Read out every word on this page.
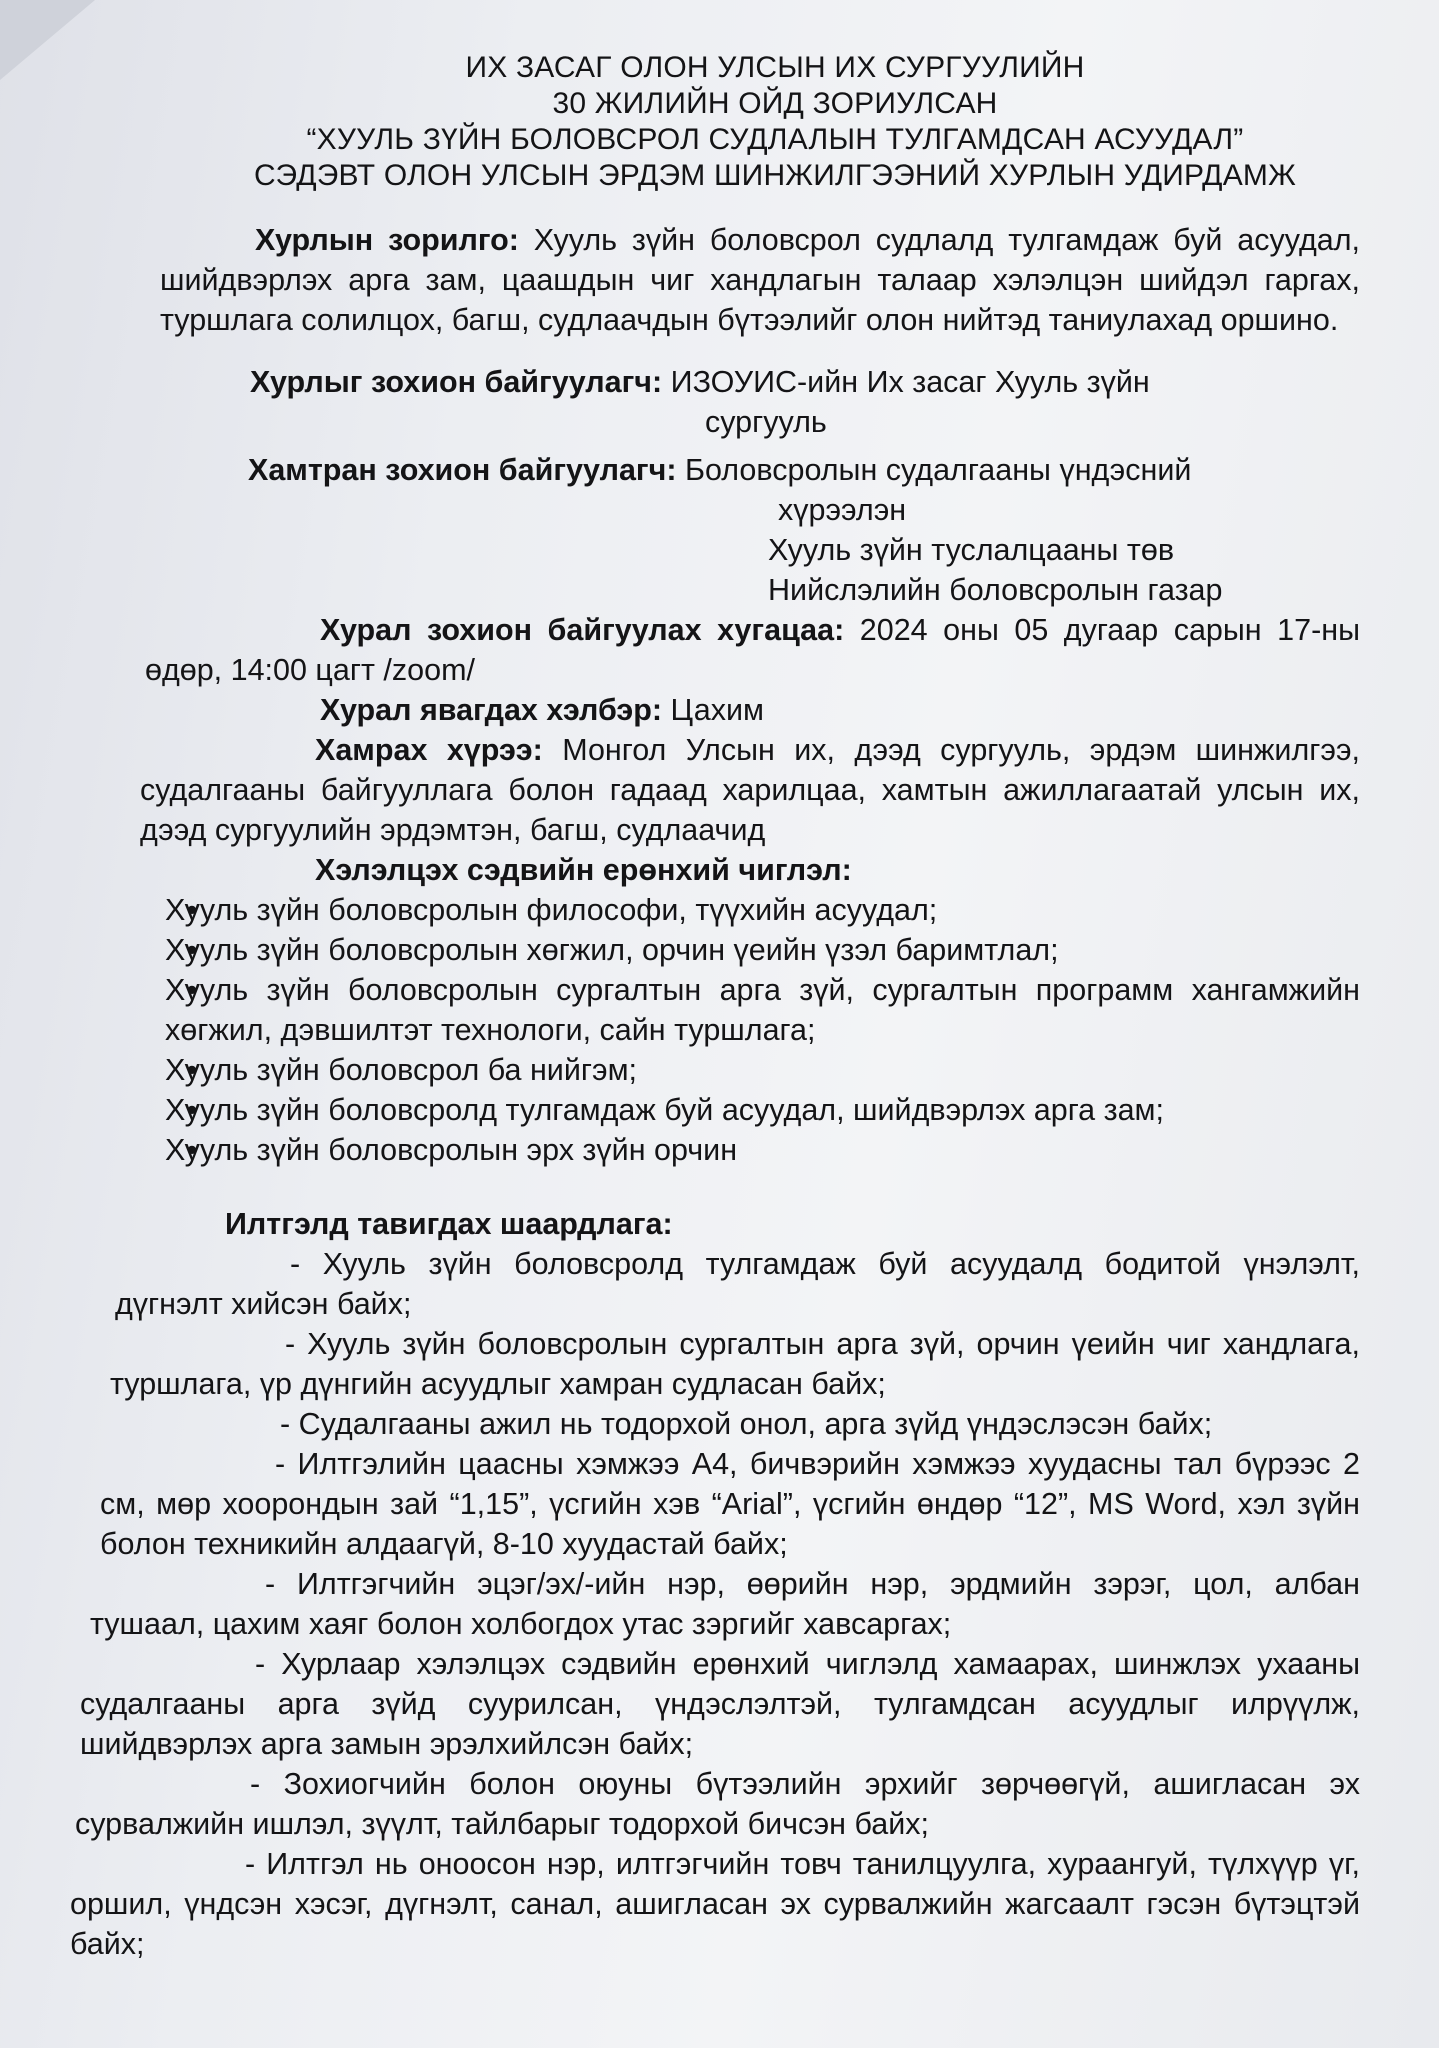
ИХ ЗАСАГ ОЛОН УЛСЫН ИХ СУРГУУЛИЙН

30 ЖИЛИЙН ОЙД ЗОРИУЛСАН

“ХУУЛЬ ЗҮЙН БОЛОВСРОЛ СУДЛАЛЫН ТУЛГАМДСАН АСУУДАЛ”

СЭДЭВТ ОЛОН УЛСЫН ЭРДЭМ ШИНЖИЛГЭЭНИЙ ХУРЛЫН УДИРДАМЖ

Хурлын зорилго: Хууль зүйн боловсрол судлалд тулгамдаж буй асуудал, шийдвэрлэх арга зам, цаашдын чиг хандлагын талаар хэлэлцэн шийдэл гаргах, туршлага солилцох, багш, судлаачдын бүтээлийг олон нийтэд таниулахад оршино.

Хурлыг зохион байгуулагч: ИЗОУИС-ийн Их засаг Хууль зүйн

сургууль

Хамтран зохион байгуулагч: Боловсролын судалгааны үндэсний

хүрээлэн

Хууль зүйн туслалцааны төв

Нийслэлийн боловсролын газар

Хурал зохион байгуулах хугацаа: 2024 оны 05 дугаар сарын 17-ны өдөр, 14:00 цагт /zoom/

Хурал явагдах хэлбэр: Цахим

Хамрах хүрээ: Монгол Улсын их, дээд сургууль, эрдэм шинжилгээ, судалгааны байгууллага болон гадаад харилцаа, хамтын ажиллагаатай улсын их, дээд сургуулийн эрдэмтэн, багш, судлаачид

Хэлэлцэх сэдвийн ерөнхий чиглэл:

• Хууль зүйн боловсролын философи, түүхийн асуудал;
• Хууль зүйн боловсролын хөгжил, орчин үеийн үзэл баримтлал;
• Хууль зүйн боловсролын сургалтын арга зүй, сургалтын программ хангамжийн хөгжил, дэвшилтэт технологи, сайн туршлага;
• Хууль зүйн боловсрол ба нийгэм;
• Хууль зүйн боловсролд тулгамдаж буй асуудал, шийдвэрлэх арга зам;
• Хууль зүйн боловсролын эрх зүйн орчин

Илтгэлд тавигдах шаардлага:

- Хууль зүйн боловсролд тулгамдаж буй асуудалд бодитой үнэлэлт, дүгнэлт хийсэн байх;

- Хууль зүйн боловсролын сургалтын арга зүй, орчин үеийн чиг хандлага, туршлага, үр дүнгийн асуудлыг хамран судласан байх;

- Судалгааны ажил нь тодорхой онол, арга зүйд үндэслэсэн байх;

- Илтгэлийн цаасны хэмжээ А4, бичвэрийн хэмжээ хуудасны тал бүрээс 2 см, мөр хоорондын зай “1,15”, үсгийн хэв “Arial”, үсгийн өндөр “12”, MS Word, хэл зүйн болон техникийн алдаагүй, 8-10 хуудастай байх;

- Илтгэгчийн эцэг/эх/-ийн нэр, өөрийн нэр, эрдмийн зэрэг, цол, албан тушаал, цахим хаяг болон холбогдох утас зэргийг хавсаргах;

- Хурлаар хэлэлцэх сэдвийн ерөнхий чиглэлд хамаарах, шинжлэх ухааны судалгааны арга зүйд суурилсан, үндэслэлтэй, тулгамдсан асуудлыг илрүүлж, шийдвэрлэх арга замын эрэлхийлсэн байх;

- Зохиогчийн болон оюуны бүтээлийн эрхийг зөрчөөгүй, ашигласан эх сурвалжийн ишлэл, зүүлт, тайлбарыг тодорхой бичсэн байх;

- Илтгэл нь оноосон нэр, илтгэгчийн товч танилцуулга, хураангуй, түлхүүр үг, оршил, үндсэн хэсэг, дүгнэлт, санал, ашигласан эх сурвалжийн жагсаалт гэсэн бүтэцтэй байх;
